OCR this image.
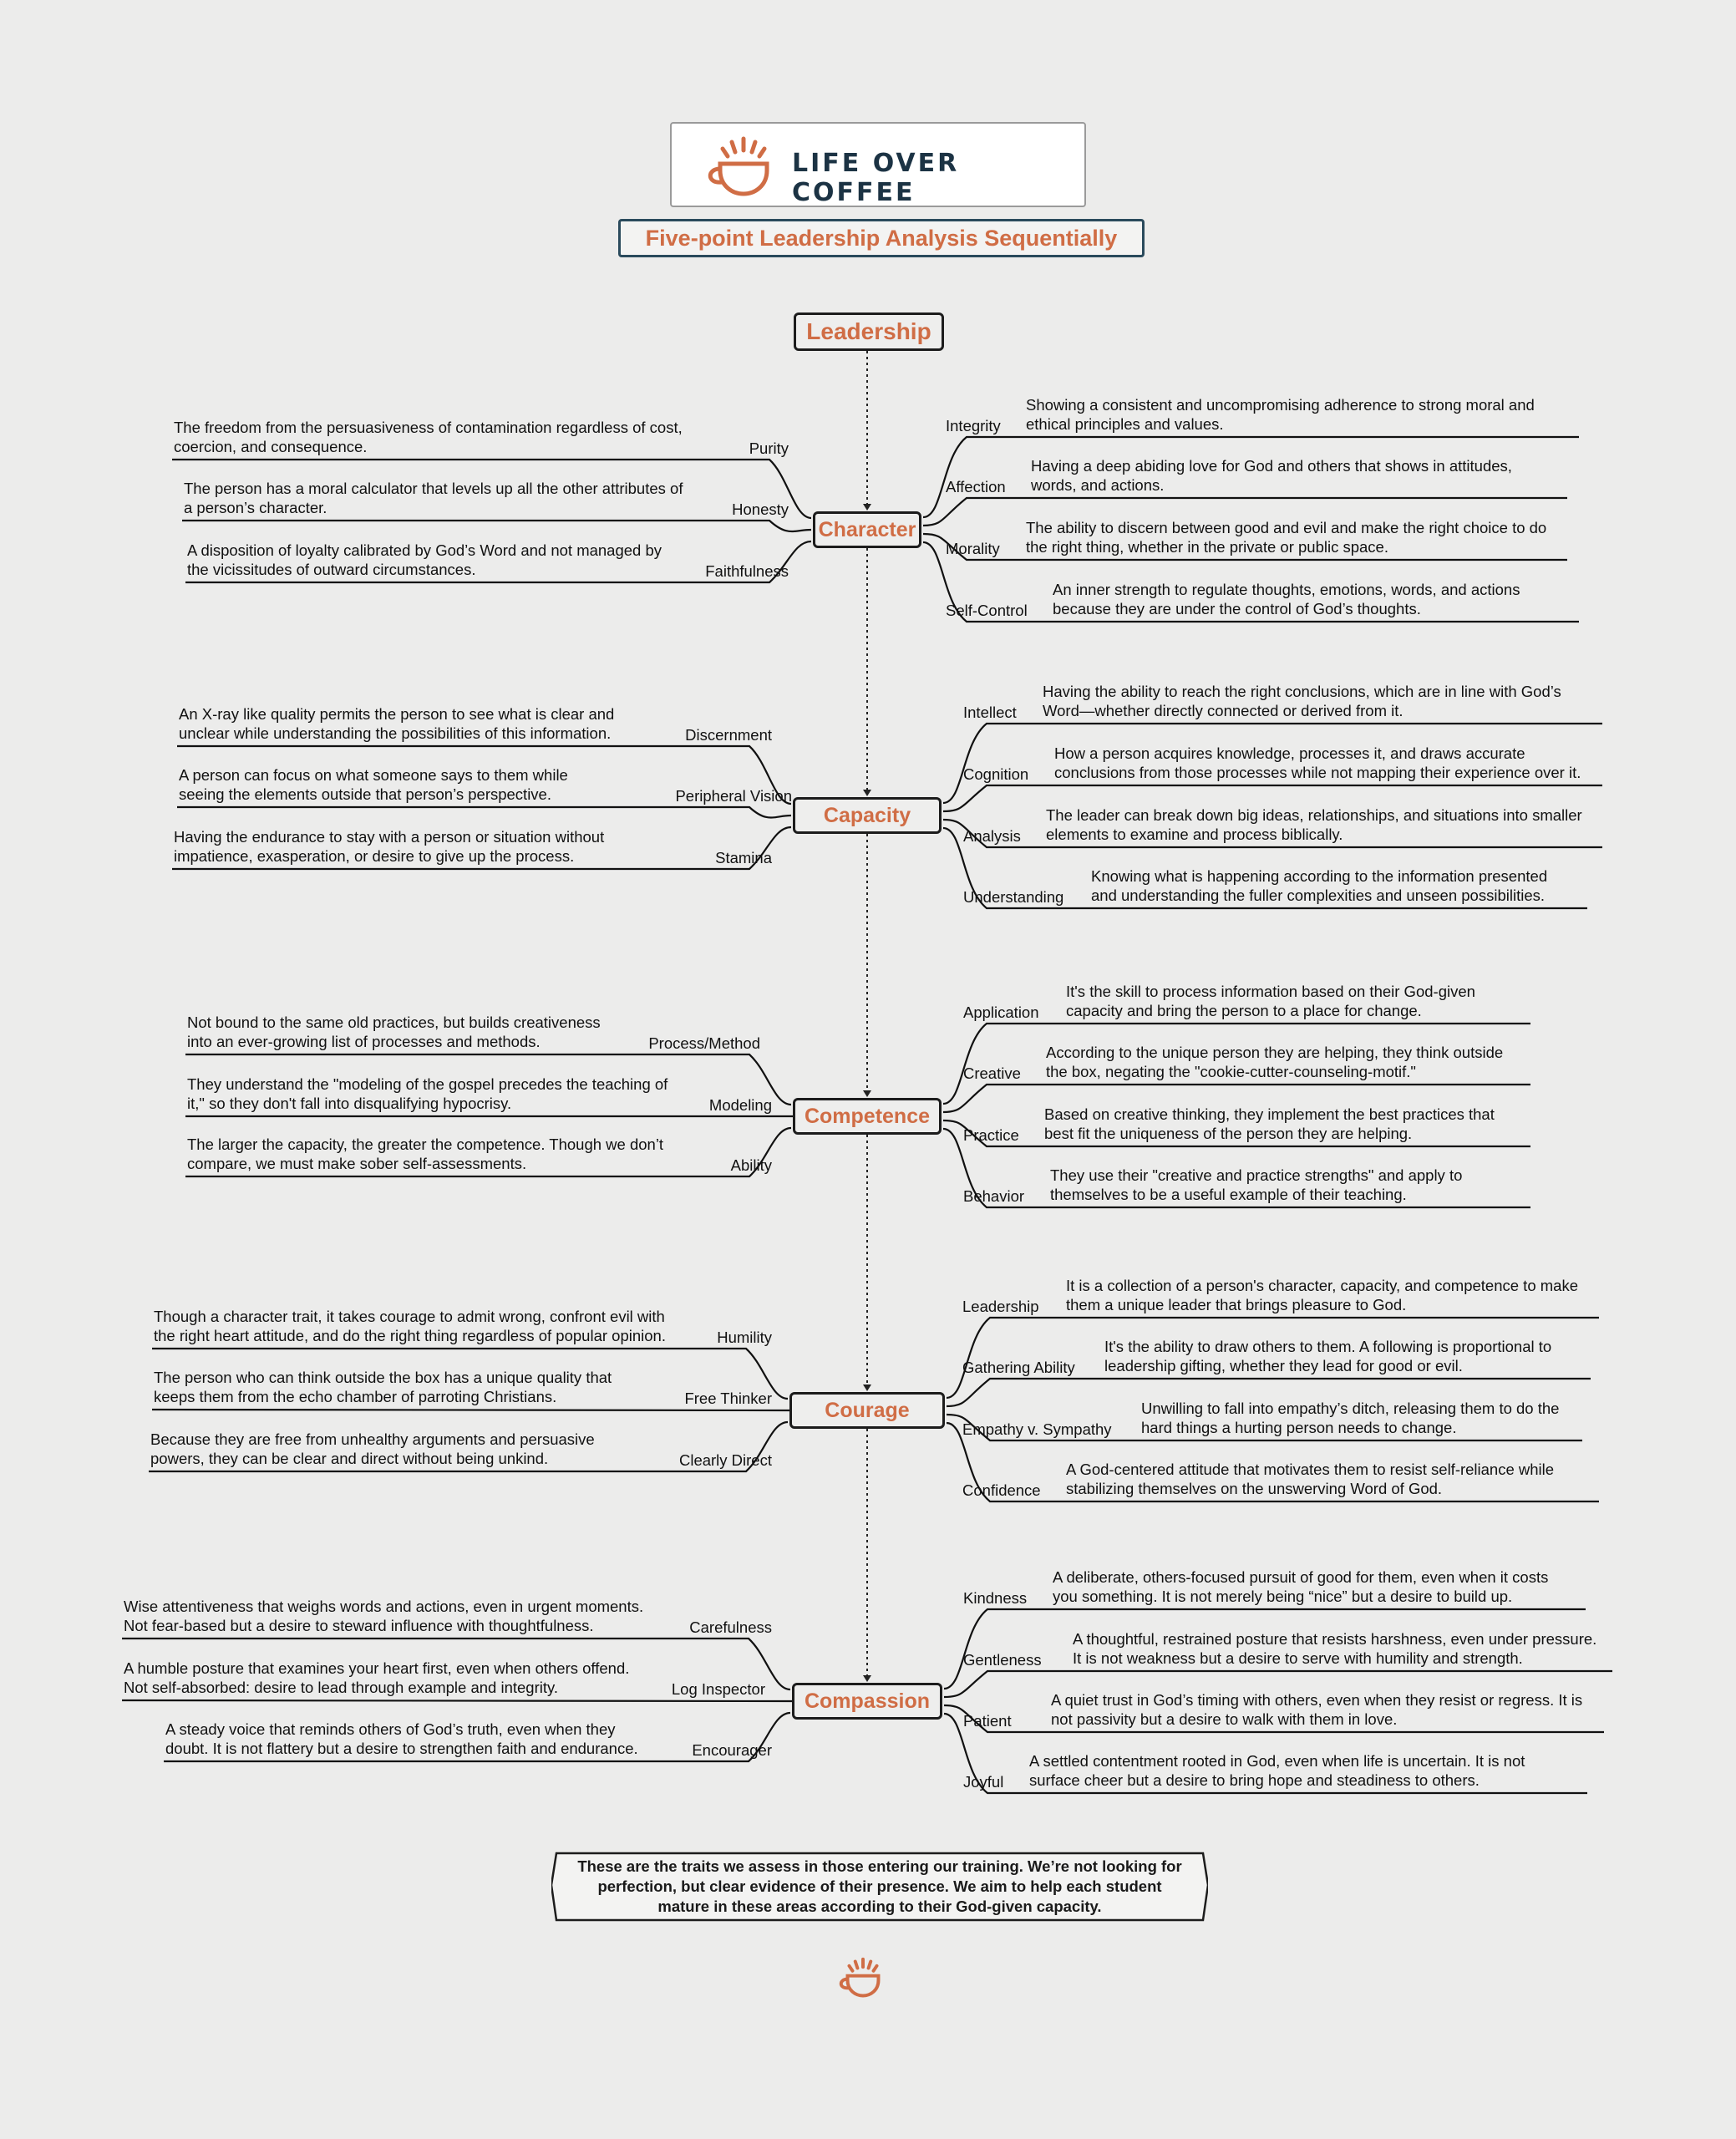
LIFE OVER COFFEE
Five-point Leadership Analysis Sequentially
Leadership
Character
Purity
The freedom from the persuasiveness of contamination regardless of cost,
coercion, and consequence.
Honesty
The person has a moral calculator that levels up all the other attributes of
a person’s character.
Faithfulness
A disposition of loyalty calibrated by God’s Word and not managed by
the vicissitudes of outward circumstances.
Integrity
Showing a consistent and uncompromising adherence to strong moral and
ethical principles and values.
Affection
Having a deep abiding love for God and others that shows in attitudes,
words, and actions.
Morality
The ability to discern between good and evil and make the right choice to do
the right thing, whether in the private or public space.
Self-Control
An inner strength to regulate thoughts, emotions, words, and actions
because they are under the control of God’s thoughts.
Capacity
Discernment
An X-ray like quality permits the person to see what is clear and
unclear while understanding the possibilities of this information.
Peripheral Vision
A person can focus on what someone says to them while
seeing the elements outside that person’s perspective.
Stamina
Having the endurance to stay with a person or situation without
impatience, exasperation, or desire to give up the process.
Intellect
Having the ability to reach the right conclusions, which are in line with God’s
Word—whether directly connected or derived from it.
Cognition
How a person acquires knowledge, processes it, and draws accurate
conclusions from those processes while not mapping their experience over it.
Analysis
The leader can break down big ideas, relationships, and situations into smaller
elements to examine and process biblically.
Understanding
Knowing what is happening according to the information presented
and understanding the fuller complexities and unseen possibilities.
Competence
Process/Method
Not bound to the same old practices, but builds creativeness
into an ever-growing list of processes and methods.
Modeling
They understand the "modeling of the gospel precedes the teaching of
it," so they don't fall into disqualifying hypocrisy.
Ability
The larger the capacity, the greater the competence. Though we don’t
compare, we must make sober self-assessments.
Application
It's the skill to process information based on their God-given
capacity and bring the person to a place for change.
Creative
According to the unique person they are helping, they think outside
the box, negating the "cookie-cutter-counseling-motif."
Practice
Based on creative thinking, they implement the best practices that
best fit the uniqueness of the person they are helping.
Behavior
They use their "creative and practice strengths" and apply to
themselves to be a useful example of their teaching.
Courage
Humility
Though a character trait, it takes courage to admit wrong, confront evil with
the right heart attitude, and do the right thing regardless of popular opinion.
Free Thinker
The person who can think outside the box has a unique quality that
keeps them from the echo chamber of parroting Christians.
Clearly Direct
Because they are free from unhealthy arguments and persuasive
powers, they can be clear and direct without being unkind.
Leadership
It is a collection of a person's character, capacity, and competence to make
them a unique leader that brings pleasure to God.
Gathering Ability
It's the ability to draw others to them. A following is proportional to
leadership gifting, whether they lead for good or evil.
Empathy v. Sympathy
Unwilling to fall into empathy’s ditch, releasing them to do the
hard things a hurting person needs to change.
Confidence
A God-centered attitude that motivates them to resist self-reliance while
stabilizing themselves on the unswerving Word of God.
Compassion
Carefulness
Wise attentiveness that weighs words and actions, even in urgent moments.
Not fear-based but a desire to steward influence with thoughtfulness.
Log Inspector
A humble posture that examines your heart first, even when others offend.
Not self-absorbed: desire to lead through example and integrity.
Encourager
A steady voice that reminds others of God’s truth, even when they
doubt. It is not flattery but a desire to strengthen faith and endurance.
Kindness
A deliberate, others-focused pursuit of good for them, even when it costs
you something. It is not merely being “nice” but a desire to build up.
Gentleness
A thoughtful, restrained posture that resists harshness, even under pressure.
It is not weakness but a desire to serve with humility and strength.
Patient
A quiet trust in God’s timing with others, even when they resist or regress. It is
not passivity but a desire to walk with them in love.
Joyful
A settled contentment rooted in God, even when life is uncertain. It is not
surface cheer but a desire to bring hope and steadiness to others.
These are the traits we assess in those entering our training. We’re not looking for perfection, but clear evidence of their presence. We aim to help each student mature in these areas according to their God-given capacity.
